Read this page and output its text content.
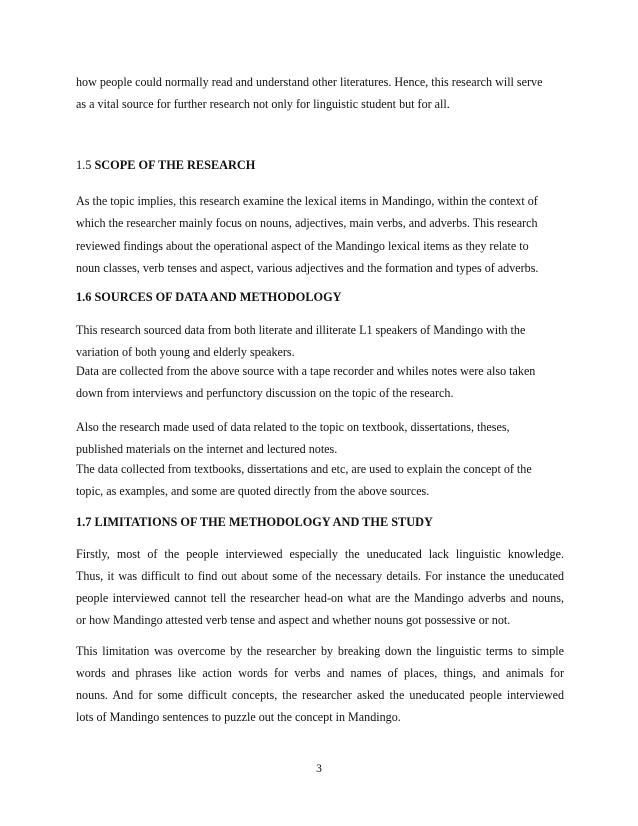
how people could normally read and understand other literatures. Hence, this research will serve
as a vital source for further research not only for linguistic student but for all.
1.5 SCOPE OF THE RESEARCH
As the topic implies, this research examine the lexical items in Mandingo, within the context of
which the researcher mainly focus on nouns, adjectives, main verbs, and adverbs. This research
reviewed findings about the operational aspect of the Mandingo lexical items as they relate to
noun classes, verb tenses and aspect, various adjectives and the formation and types of adverbs.
1.6 SOURCES OF DATA AND METHODOLOGY
This research sourced data from both literate and illiterate L1 speakers of Mandingo with the
variation of both young and elderly speakers.
Data are collected from the above source with a tape recorder and whiles notes were also taken
down from interviews and perfunctory discussion on the topic of the research.
Also the research made used of data related to the topic on textbook, dissertations, theses,
published materials on the internet and lectured notes.
The data collected from textbooks, dissertations and etc, are used to explain the concept of the
topic, as examples, and some are quoted directly from the above sources.
1.7 LIMITATIONS OF THE METHODOLOGY AND THE STUDY
Firstly, most of the people interviewed especially the uneducated lack linguistic knowledge.
Thus, it was difficult to find out about some of the necessary details. For instance the uneducated
people interviewed cannot tell the researcher head-on what are the Mandingo adverbs and nouns,
or how Mandingo attested verb tense and aspect and whether nouns got possessive or not.
This limitation was overcome by the researcher by breaking down the linguistic terms to simple
words and phrases like action words for verbs and names of places, things, and animals for
nouns. And for some difficult concepts, the researcher asked the uneducated people interviewed
lots of Mandingo sentences to puzzle out the concept in Mandingo.
3
